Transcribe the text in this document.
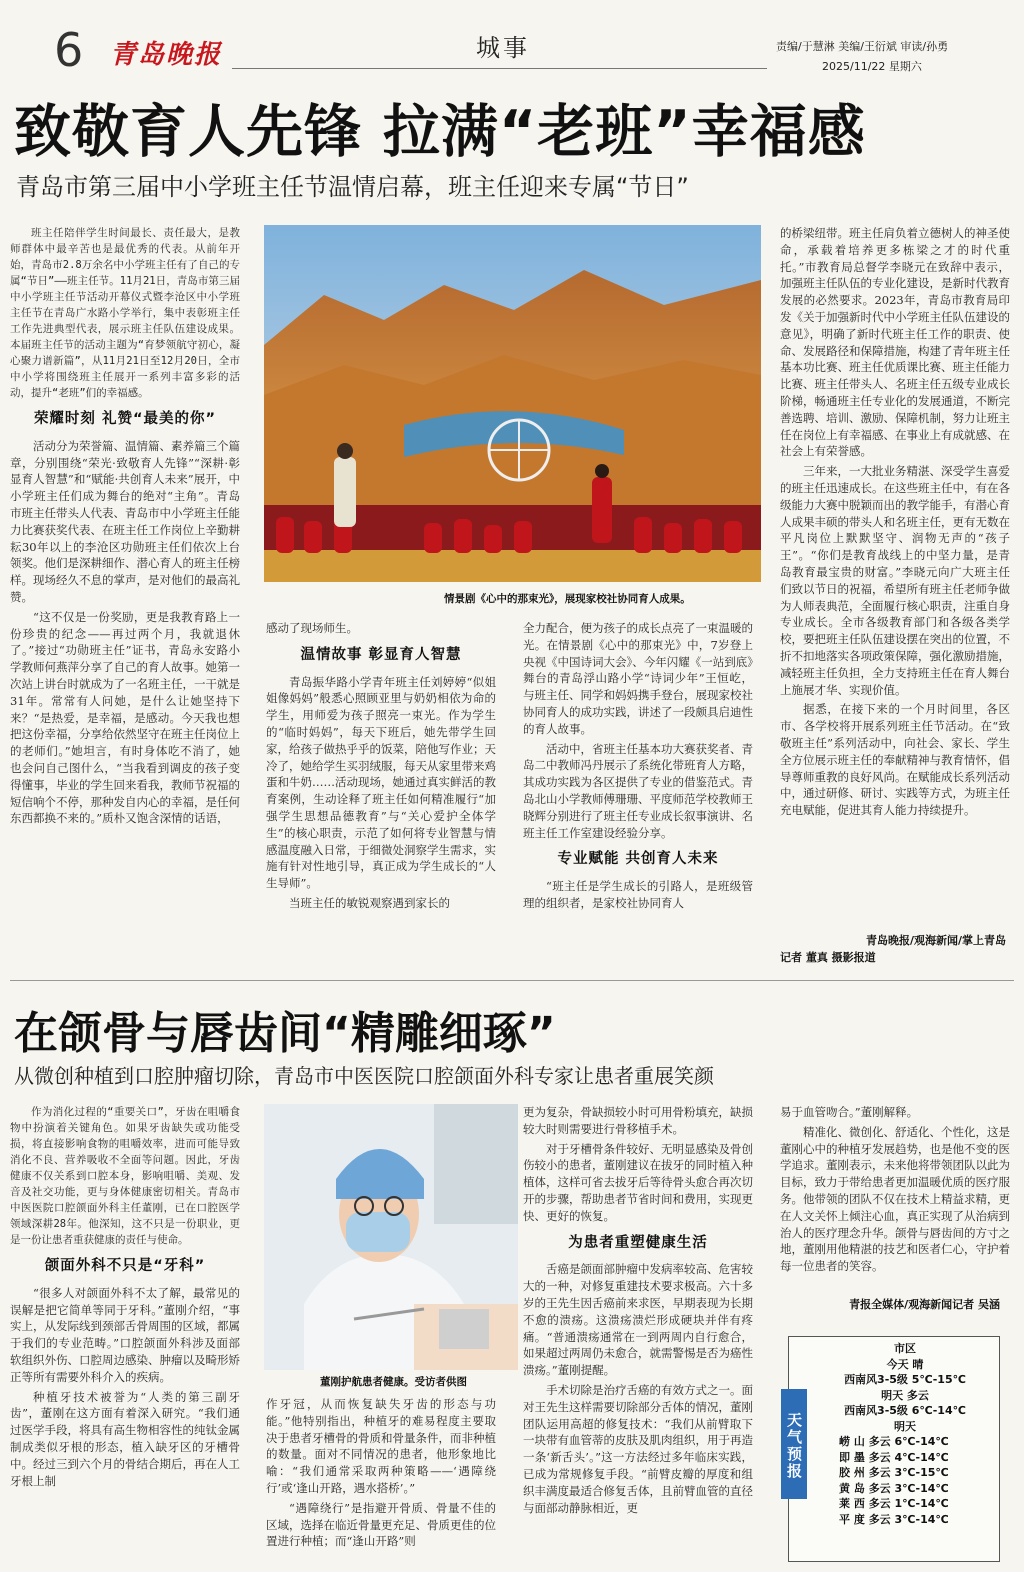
6 青岛晚报	城事	责编/于慧淋 美编/王衍斌 审读/孙勇
2025/11/22 星期六
致敬育人先锋 拉满“老班”幸福感
青岛市第三届中小学班主任节温情启幕，班主任迎来专属“节日”
情景剧《心中的那束光》，展现家校社协同育人成果。

班主任陪伴学生时间最长、责任最大，是教师群体中最辛苦也是最优秀的代表。从前年开始，青岛市2.8万余名中小学班主任有了自己的专属“节日”——班主任节。11月21日，青岛市第三届中小学班主任节活动开幕仪式暨李沧区中小学班主任节在青岛广水路小学举行，集中表彰班主任工作先进典型代表，展示班主任队伍建设成果。本届班主任节的活动主题为“育梦领航守初心，凝心聚力谱新篇”，从11月21日至12月20日，全市中小学将围绕班主任展开一系列丰富多彩的活动，提升“老班”们的幸福感。

荣耀时刻 礼赞“最美的你”

活动分为荣誉篇、温情篇、素养篇三个篇章，分别围绕“荣光·致敬育人先锋”“深耕·彰显育人智慧”和“赋能·共创育人未来”展开，中小学班主任们成为舞台的绝对“主角”。青岛市班主任带头人代表、青岛市中小学班主任能力比赛获奖代表、在班主任工作岗位上辛勤耕耘30年以上的李沧区功勋班主任们依次上台领奖。他们是深耕细作、潜心育人的班主任榜样。现场经久不息的掌声，是对他们的最高礼赞。

“这不仅是一份奖励，更是我教育路上一份珍贵的纪念——再过两个月，我就退休了。”接过“功勋班主任”证书，青岛永安路小学教师何燕萍分享了自己的育人故事。她第一次站上讲台时就成为了一名班主任，一干就是31年。常常有人问她，是什么让她坚持下来？“是热爱，是幸福，是感动。今天我也想把这份幸福，分享给依然坚守在班主任岗位上的老师们。”她坦言，有时身体吃不消了，她也会问自己图什么，“当我看到调皮的孩子变得懂事，毕业的学生回来看我，教师节祝福的短信响个不停，那种发自内心的幸福，是任何东西都换不来的。”质朴又饱含深情的话语，

感动了现场师生。

温情故事 彰显育人智慧

青岛振华路小学青年班主任刘婷婷“似姐姐像妈妈”般悉心照顾亚里与奶奶相依为命的学生，用师爱为孩子照亮一束光。作为学生的“临时妈妈”，每天下班后，她先带学生回家，给孩子做热乎乎的饭菜，陪他写作业；天冷了，她给学生买羽绒服，每天从家里带来鸡蛋和牛奶……活动现场，她通过真实鲜活的教育案例，生动诠释了班主任如何精准履行“加强学生思想品德教育”与“关心爱护全体学生”的核心职责，示范了如何将专业智慧与情感温度融入日常，于细微处洞察学生需求，实施有针对性地引导，真正成为学生成长的“人生导师”。

当班主任的敏锐观察遇到家长的

全力配合，便为孩子的成长点亮了一束温暖的光。在情景剧《心中的那束光》中，7岁登上央视《中国诗词大会》、今年闪耀《一站到底》舞台的青岛浮山路小学“诗词少年”王恒屹，与班主任、同学和妈妈携手登台，展现家校社协同育人的成功实践，讲述了一段颇具启迪性的育人故事。

活动中，省班主任基本功大赛获奖者、青岛二中教师冯丹展示了系统化带班育人方略，其成功实践为各区提供了专业的借鉴范式。青岛北山小学教师傅珊珊、平度师范学校教师王晓辉分别进行了班主任专业成长叙事演讲、名班主任工作室建设经验分享。

专业赋能 共创育人未来

“班主任是学生成长的引路人，是班级管理的组织者，是家校社协同育人

的桥梁纽带。班主任肩负着立德树人的神圣使命，承载着培养更多栋梁之才的时代重托。”市教育局总督学李晓元在致辞中表示，加强班主任队伍的专业化建设，是新时代教育发展的必然要求。2023年，青岛市教育局印发《关于加强新时代中小学班主任队伍建设的意见》，明确了新时代班主任工作的职责、使命、发展路径和保障措施，构建了青年班主任基本功比赛、班主任优质课比赛、班主任能力比赛、班主任带头人、名班主任五级专业成长阶梯，畅通班主任专业化的发展通道，不断完善选聘、培训、激励、保障机制，努力让班主任在岗位上有幸福感、在事业上有成就感、在社会上有荣誉感。

三年来，一大批业务精湛、深受学生喜爱的班主任迅速成长。在这些班主任中，有在各级能力大赛中脱颖而出的教学能手，有潜心育人成果丰硕的带头人和名班主任，更有无数在平凡岗位上默默坚守、润物无声的“孩子王”。“你们是教育战线上的中坚力量，是青岛教育最宝贵的财富。”李晓元向广大班主任们致以节日的祝福，希望所有班主任老师争做为人师表典范，全面履行核心职责，注重自身专业成长。全市各级教育部门和各级各类学校，要把班主任队伍建设摆在突出的位置，不折不扣地落实各项政策保障，强化激励措施，减轻班主任负担，全力支持班主任在育人舞台上施展才华、实现价值。

据悉，在接下来的一个月时间里，各区市、各学校将开展系列班主任节活动。在“致敬班主任”系列活动中，向社会、家长、学生全方位展示班主任的奉献精神与教育情怀，倡导尊师重教的良好风尚。在赋能成长系列活动中，通过研修、研讨、实践等方式，为班主任充电赋能，促进其育人能力持续提升。

青岛晚报/观海新闻/掌上青岛
记者 董真 摄影报道
在颌骨与唇齿间“精雕细琢”
从微创种植到口腔肿瘤切除，青岛市中医医院口腔颌面外科专家让患者重展笑颜
董刚护航患者健康。受访者供图

作为消化过程的“重要关口”，牙齿在咀嚼食物中扮演着关键角色。如果牙齿缺失或功能受损，将直接影响食物的咀嚼效率，进而可能导致消化不良、营养吸收不全面等问题。因此，牙齿健康不仅关系到口腔本身，影响咀嚼、美观、发音及社交功能，更与身体健康密切相关。青岛市中医医院口腔颌面外科主任董刚，已在口腔医学领域深耕28年。他深知，这不只是一份职业，更是一份让患者重获健康的责任与使命。

颌面外科不只是“牙科”

“很多人对颌面外科不太了解，最常见的误解是把它简单等同于牙科。”董刚介绍，“事实上，从发际线到颈部舌骨周围的区域，都属于我们的专业范畴。”口腔颌面外科涉及面部软组织外伤、口腔周边感染、肿瘤以及畸形矫正等所有需要外科介入的疾病。

种植牙技术被誉为“人类的第三副牙齿”，董刚在这方面有着深入研究。“我们通过医学手段，将具有高生物相容性的纯钛金属制成类似牙根的形态，植入缺牙区的牙槽骨中。经过三到六个月的骨结合期后，再在人工牙根上制

作牙冠，从而恢复缺失牙齿的形态与功能。”他特别指出，种植牙的难易程度主要取决于患者牙槽骨的骨质和骨量条件，而非种植的数量。面对不同情况的患者，他形象地比喻：“我们通常采取两种策略——‘遇障绕行’或‘逢山开路，遇水搭桥’。”

“遇障绕行”是指避开骨质、骨量不佳的区域，选择在临近骨量更充足、骨质更佳的位置进行种植；而“逢山开路”则

更为复杂，骨缺损较小时可用骨粉填充，缺损较大时则需要进行骨移植手术。

对于牙槽骨条件较好、无明显感染及骨创伤较小的患者，董刚建议在拔牙的同时植入种植体，这样可省去拔牙后等待骨头愈合再次切开的步骤，帮助患者节省时间和费用，实现更快、更好的恢复。

为患者重塑健康生活

舌癌是颌面部肿瘤中发病率较高、危害较大的一种，对修复重建技术要求极高。六十多岁的王先生因舌癌前来求医，早期表现为长期不愈的溃疡。这溃疡溃烂形成硬块并伴有疼痛。“普通溃疡通常在一到两周内自行愈合，如果超过两周仍未愈合，就需警惕是否为癌性溃疡。”董刚提醒。

手术切除是治疗舌癌的有效方式之一。面对王先生这样需要切除部分舌体的情况，董刚团队运用高超的修复技术：“我们从前臂取下一块带有血管蒂的皮肤及肌肉组织，用于再造一条‘新舌头’。”这一方法经过多年临床实践，已成为常规修复手段。“前臂皮瓣的厚度和组织丰满度最适合修复舌体，且前臂血管的直径与面部动静脉相近，更

易于血管吻合。”董刚解释。

精准化、微创化、舒适化、个性化，这是董刚心中的种植牙发展趋势，也是他不变的医学追求。董刚表示，未来他将带领团队以此为目标，致力于带给患者更加温暖优质的医疗服务。他带领的团队不仅在技术上精益求精，更在人文关怀上倾注心血，真正实现了从治病到治人的医疗理念升华。颌骨与唇齿间的方寸之地，董刚用他精湛的技艺和医者仁心，守护着每一位患者的笑容。

青报全媒体/观海新闻记者 吴涵
天气预报
市区
今天 晴
西南风3-5级 5℃-15℃
明天 多云
西南风3-5级 6℃-14℃
明天
崂 山 多云 6℃-14℃
即 墨 多云 4℃-14℃
胶 州 多云 3℃-15℃
黄 岛 多云 3℃-14℃
莱 西 多云 1℃-14℃
平 度 多云 3℃-14℃
